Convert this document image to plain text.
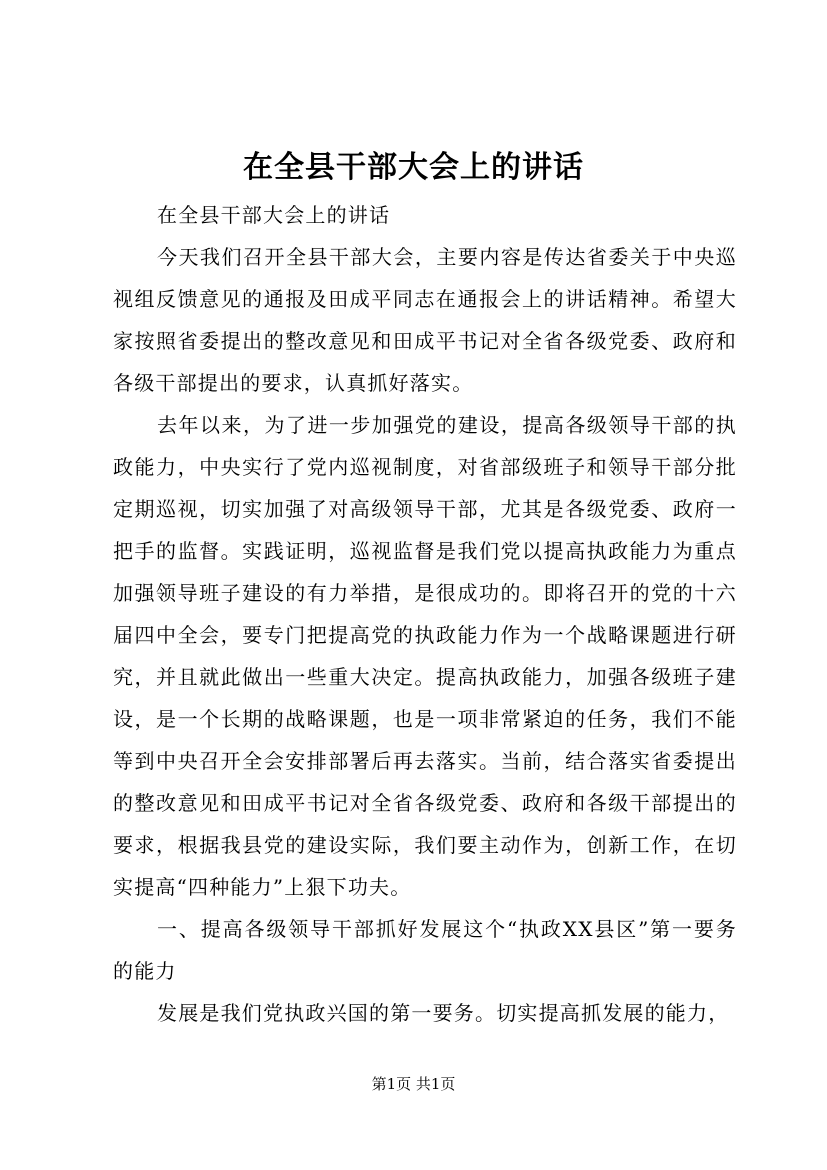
在全县干部大会上的讲话

在全县干部大会上的讲话

今天我们召开全县干部大会，主要内容是传达省委关于中央巡视组反馈意见的通报及田成平同志在通报会上的讲话精神。希望大家按照省委提出的整改意见和田成平书记对全省各级党委、政府和各级干部提出的要求，认真抓好落实。

去年以来，为了进一步加强党的建设，提高各级领导干部的执政能力，中央实行了党内巡视制度，对省部级班子和领导干部分批定期巡视，切实加强了对高级领导干部，尤其是各级党委、政府一把手的监督。实践证明，巡视监督是我们党以提高执政能力为重点加强领导班子建设的有力举措，是很成功的。即将召开的党的十六届四中全会，要专门把提高党的执政能力作为一个战略课题进行研究，并且就此做出一些重大决定。提高执政能力，加强各级班子建设，是一个长期的战略课题，也是一项非常紧迫的任务，我们不能等到中央召开全会安排部署后再去落实。当前，结合落实省委提出的整改意见和田成平书记对全省各级党委、政府和各级干部提出的要求，根据我县党的建设实际，我们要主动作为，创新工作，在切实提高“四种能力”上狠下功夫。

一、提高各级领导干部抓好发展这个“执政XX县区”第一要务的能力

发展是我们党执政兴国的第一要务。切实提高抓发展的能力，

第1页 共1页
